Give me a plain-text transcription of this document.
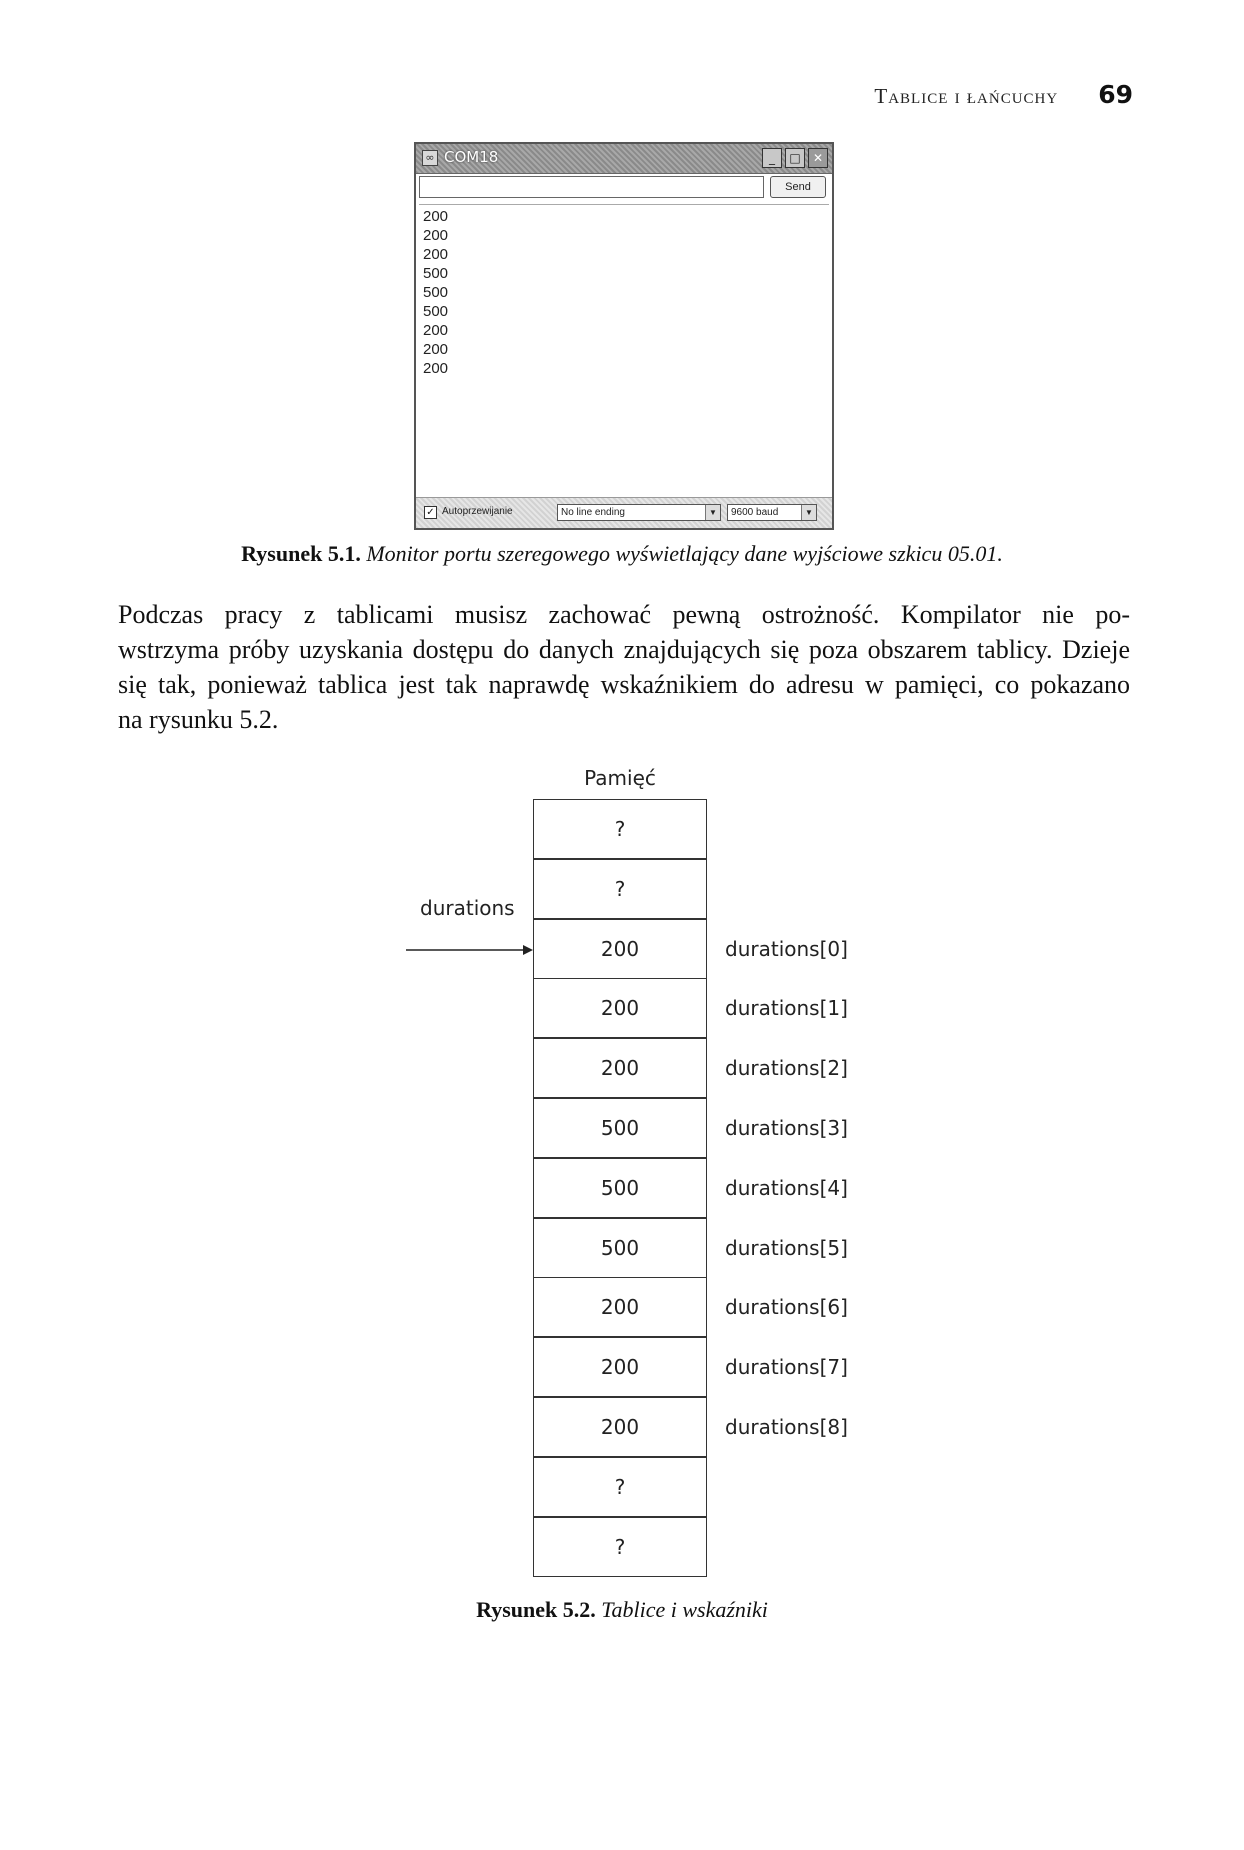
Tablice i łańcuchy 69
∞ COM18	_	□	✕
Send
200
200
200
500
500
500
200
200
200
✓ Autoprzewijanie	No line ending	▼	9600 baud	▼
Rysunek 5.1. Monitor portu szeregowego wyświetlający dane wyjściowe szkicu 05.01.
Podczas pracy z tablicami musisz zachować pewną ostrożność. Kompilator nie po-
wstrzyma próby uzyskania dostępu do danych znajdujących się poza obszarem tablicy. Dzieje
się tak, ponieważ tablica jest tak naprawdę wskaźnikiem do adresu w pamięci, co pokazano
na rysunku 5.2.
Pamięć
durations
?
?
200	durations[0]
200	durations[1]
200	durations[2]
500	durations[3]
500	durations[4]
500	durations[5]
200	durations[6]
200	durations[7]
200	durations[8]
?
?
Rysunek 5.2. Tablice i wskaźniki
